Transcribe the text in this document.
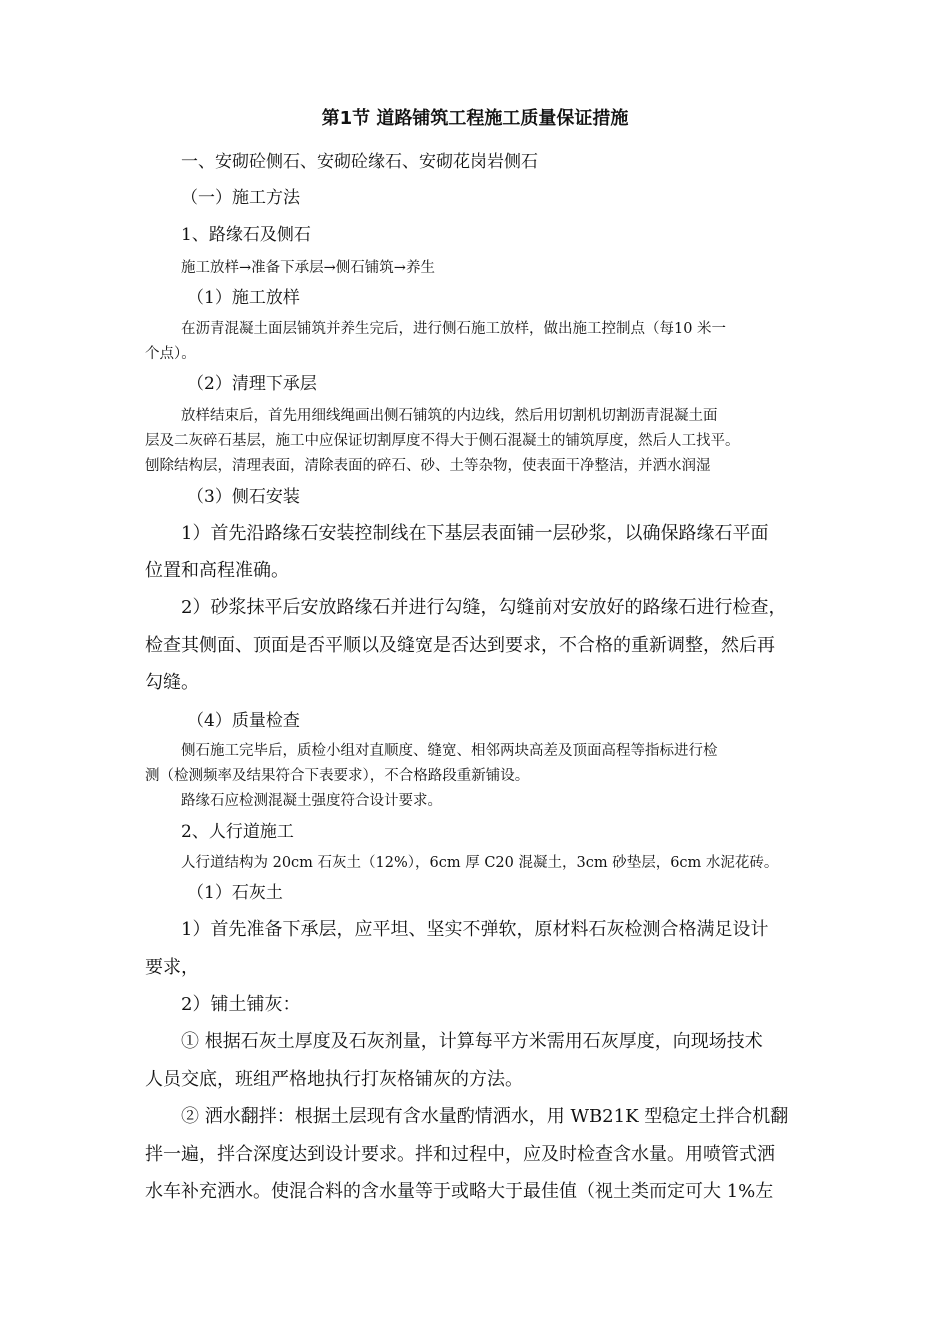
第1节 道路铺筑工程施工质量保证措施
一、安砌砼侧石、安砌砼缘石、安砌花岗岩侧石
（一）施工方法
1、路缘石及侧石
施工放样→准备下承层→侧石铺筑→养生
（1）施工放样
在沥青混凝土面层铺筑并养生完后，进行侧石施工放样，做出施工控制点（每10 米一
个点）。
（2）清理下承层
放样结束后，首先用细线绳画出侧石铺筑的内边线，然后用切割机切割沥青混凝土面
层及二灰碎石基层，施工中应保证切割厚度不得大于侧石混凝土的铺筑厚度，然后人工找平。
刨除结构层，清理表面，清除表面的碎石、砂、土等杂物，使表面干净整洁，并洒水润湿
（3）侧石安装
1）首先沿路缘石安装控制线在下基层表面铺一层砂浆，以确保路缘石平面
位置和高程准确。
2）砂浆抹平后安放路缘石并进行勾缝，勾缝前对安放好的路缘石进行检查，
检查其侧面、顶面是否平顺以及缝宽是否达到要求，不合格的重新调整，然后再
勾缝。
（4）质量检查
侧石施工完毕后，质检小组对直顺度、缝宽、相邻两块高差及顶面高程等指标进行检
测（检测频率及结果符合下表要求），不合格路段重新铺设。
路缘石应检测混凝土强度符合设计要求。
2、人行道施工
人行道结构为 20cm 石灰土（12%），6cm 厚 C20 混凝土，3cm 砂垫层，6cm 水泥花砖。
（1）石灰土
1）首先准备下承层，应平坦、坚实不弹软，原材料石灰检测合格满足设计
要求，
2）铺土铺灰：
① 根据石灰土厚度及石灰剂量，计算每平方米需用石灰厚度，向现场技术
人员交底，班组严格地执行打灰格铺灰的方法。
② 洒水翻拌：根据土层现有含水量酌情洒水，用 WB21K 型稳定土拌合机翻
拌一遍，拌合深度达到设计要求。拌和过程中，应及时检查含水量。用喷管式洒
水车补充洒水。使混合料的含水量等于或略大于最佳值（视土类而定可大 1%左
